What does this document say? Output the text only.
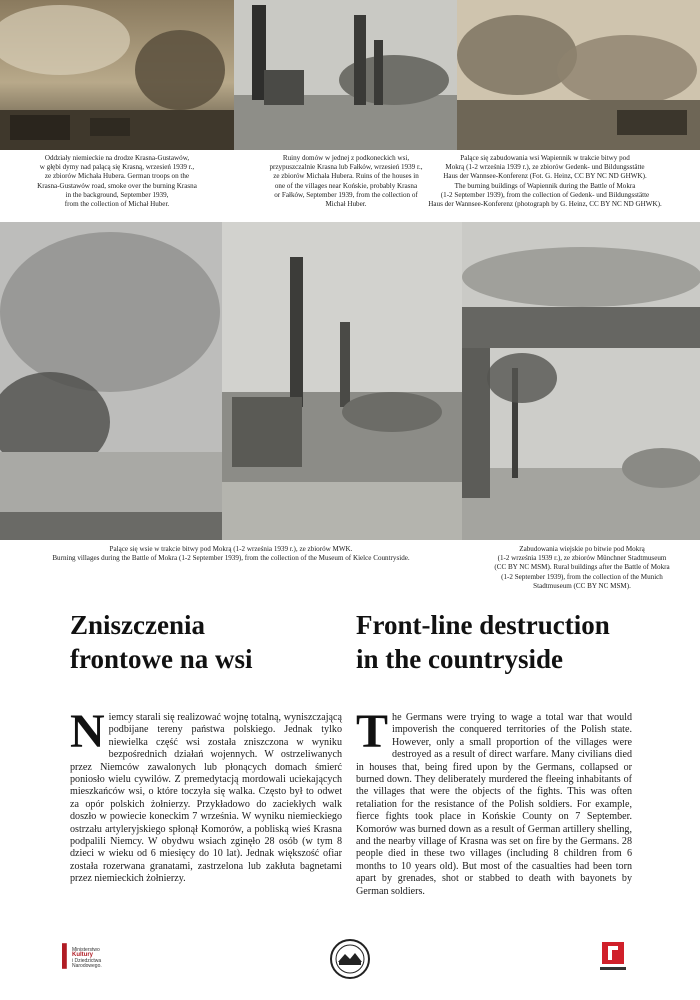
Oddziały niemieckie na drodze Krasna-Gustawów,
w głębi dymy nad palącą się Krasną, wrzesień 1939 r.,
ze zbiorów Michała Hubera. German troops on the
Krasna-Gustawów road, smoke over the burning Krasna
in the background, September 1939,
from the collection of Michał Huber.
Ruiny domów w jednej z podkoneckich wsi,
przypuszczalnie Krasna lub Fałków, wrzesień 1939 r.,
ze zbiorów Michała Hubera. Ruins of the houses in
one of the villages near Końskie, probably Krasna
or Fałków, September 1939, from the collection of
Michał Huber.
Palące się zabudowania wsi Wapiennik w trakcie bitwy pod
Mokrą (1-2 września 1939 r.), ze zbiorów Gedenk- und Bildungsstätte
Haus der Wannsee-Konferenz (Fot. G. Heinz, CC BY NC ND GHWK).
The burning buildings of Wapiennik during the Battle of Mokra
(1-2 September 1939), from the collection of Gedenk- und Bildungsstätte
Haus der Wannsee-Konferenz (photograph by G. Heinz, CC BY NC ND GHWK).
Palące się wsie w trakcie bitwy pod Mokrą (1-2 września 1939 r.), ze zbiorów MWK.
Burning villages during the Battle of Mokra (1-2 September 1939), from the collection of the Museum of Kielce Countryside.
Zabudowania wiejskie po bitwie pod Mokrą
(1-2 września 1939 r.), ze zbiorów Münchner Stadtmuseum
(CC BY NC MSM). Rural buildings after the Battle of Mokra
(1-2 September 1939), from the collection of the Munich
Stadtmuseum (CC BY NC MSM).
Zniszczenia
frontowe na wsi
Front-line destruction
in the countryside
Niemcy starali się realizować wojnę totalną, wyniszczającą podbijane tereny państwa polskiego. Jednak tylko niewielka część wsi została zniszczona w wyniku bezpośrednich działań wojennych. W ostrzeliwanych przez Niemców zawalonych lub płonących domach śmierć poniosło wielu cywilów. Z premedytacją mordowali uciekających mieszkańców wsi, o które toczyła się walka. Często był to odwet za opór polskich żołnierzy. Przykładowo do zaciekłych walk doszło w powiecie koneckim 7 września. W wyniku niemieckiego ostrzału artyleryjskiego spłonął Komorów, a pobliską wieś Krasna podpalili Niemcy. W obydwu wsiach zginęło 28 osób (w tym 8 dzieci w wieku od 6 miesięcy do 10 lat). Jednak większość ofiar została rozerwana granatami, zastrzelona lub zakłuta bagnetami przez niemieckich żołnierzy.
The Germans were trying to wage a total war that would impoverish the conquered territories of the Polish state. However, only a small proportion of the villages were destroyed as a result of direct warfare. Many civilians died in houses that, being fired upon by the Germans, collapsed or burned down. They deliberately murdered the fleeing inhabitants of the villages that were the objects of the fights. This was often retaliation for the resistance of the Polish soldiers. For example, fierce fights took place in Końskie County on 7 September. Komorów was burned down as a result of German artillery shelling, and the nearby village of Krasna was set on fire by the Germans. 28 people died in these two villages (including 8 children from 6 months to 10 years old). But most of the casualties had been torn apart by grenades, shot or stabbed to death with bayonets by German soldiers.

Ministerstwo
Kultury
i Dziedzictwa
Narodowego.
